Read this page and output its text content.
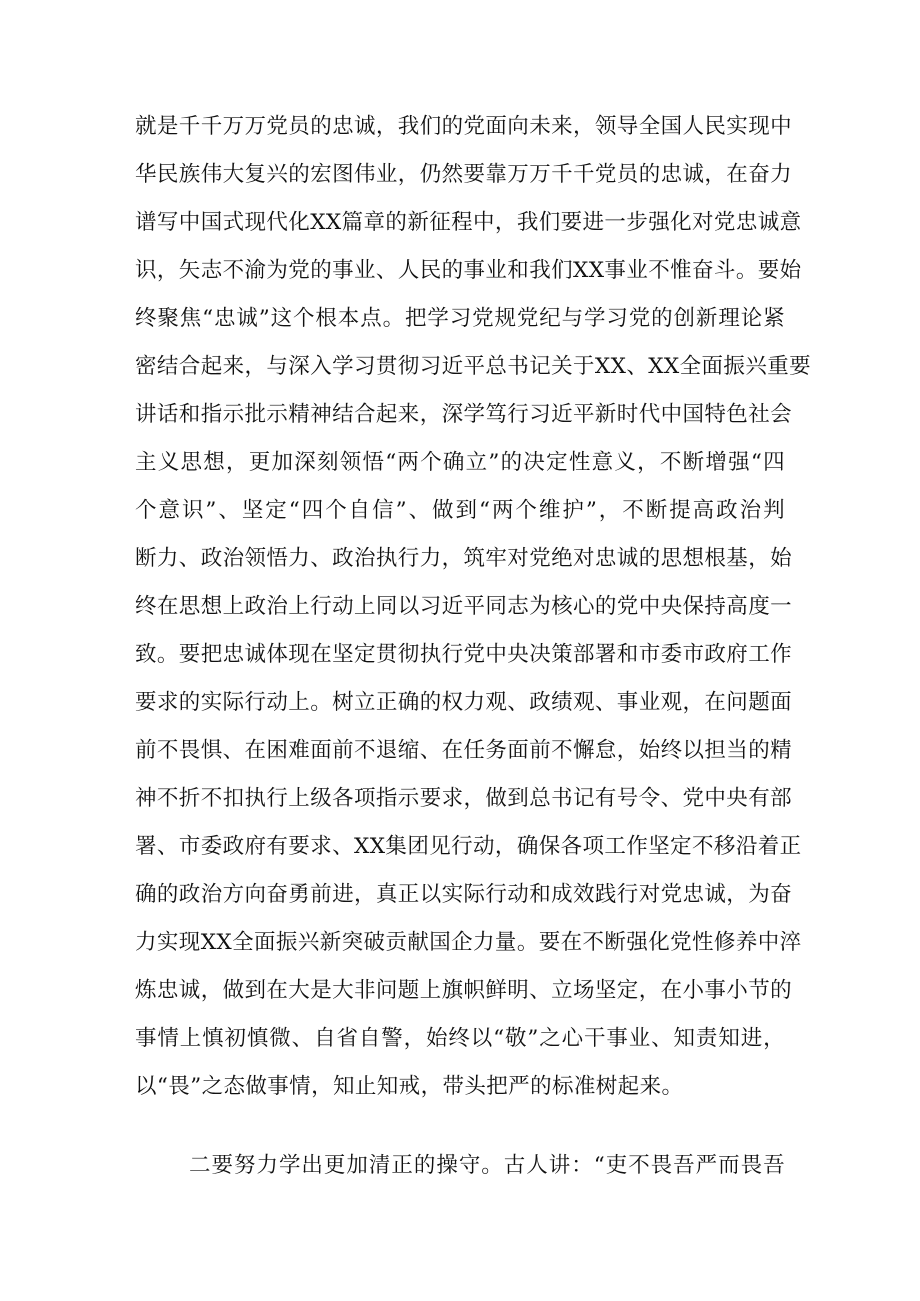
就是千千万万党员的忠诚，我们的党面向未来，领导全国人民实现中
华民族伟大复兴的宏图伟业，仍然要靠万万千千党员的忠诚，在奋力
谱写中国式现代化XX篇章的新征程中，我们要进一步强化对党忠诚意
识，矢志不渝为党的事业、人民的事业和我们XX事业不惟奋斗。要始
终聚焦“忠诚”这个根本点。把学习党规党纪与学习党的创新理论紧
密结合起来，与深入学习贯彻习近平总书记关于XX、XX全面振兴重要
讲话和指示批示精神结合起来，深学笃行习近平新时代中国特色社会
主义思想，更加深刻领悟“两个确立”的决定性意义，不断增强“四
个意识”、坚定“四个自信”、做到“两个维护”，不断提高政治判
断力、政治领悟力、政治执行力，筑牢对党绝对忠诚的思想根基，始
终在思想上政治上行动上同以习近平同志为核心的党中央保持高度一
致。要把忠诚体现在坚定贯彻执行党中央决策部署和市委市政府工作
要求的实际行动上。树立正确的权力观、政绩观、事业观，在问题面
前不畏惧、在困难面前不退缩、在任务面前不懈怠，始终以担当的精
神不折不扣执行上级各项指示要求，做到总书记有号令、党中央有部
署、市委政府有要求、XX集团见行动，确保各项工作坚定不移沿着正
确的政治方向奋勇前进，真正以实际行动和成效践行对党忠诚，为奋
力实现XX全面振兴新突破贡献国企力量。要在不断强化党性修养中淬
炼忠诚，做到在大是大非问题上旗帜鲜明、立场坚定，在小事小节的
事情上慎初慎微、自省自警，始终以“敬”之心干事业、知责知进，
以“畏”之态做事情，知止知戒，带头把严的标准树起来。
二要努力学出更加清正的操守。古人讲：“吏不畏吾严而畏吾
